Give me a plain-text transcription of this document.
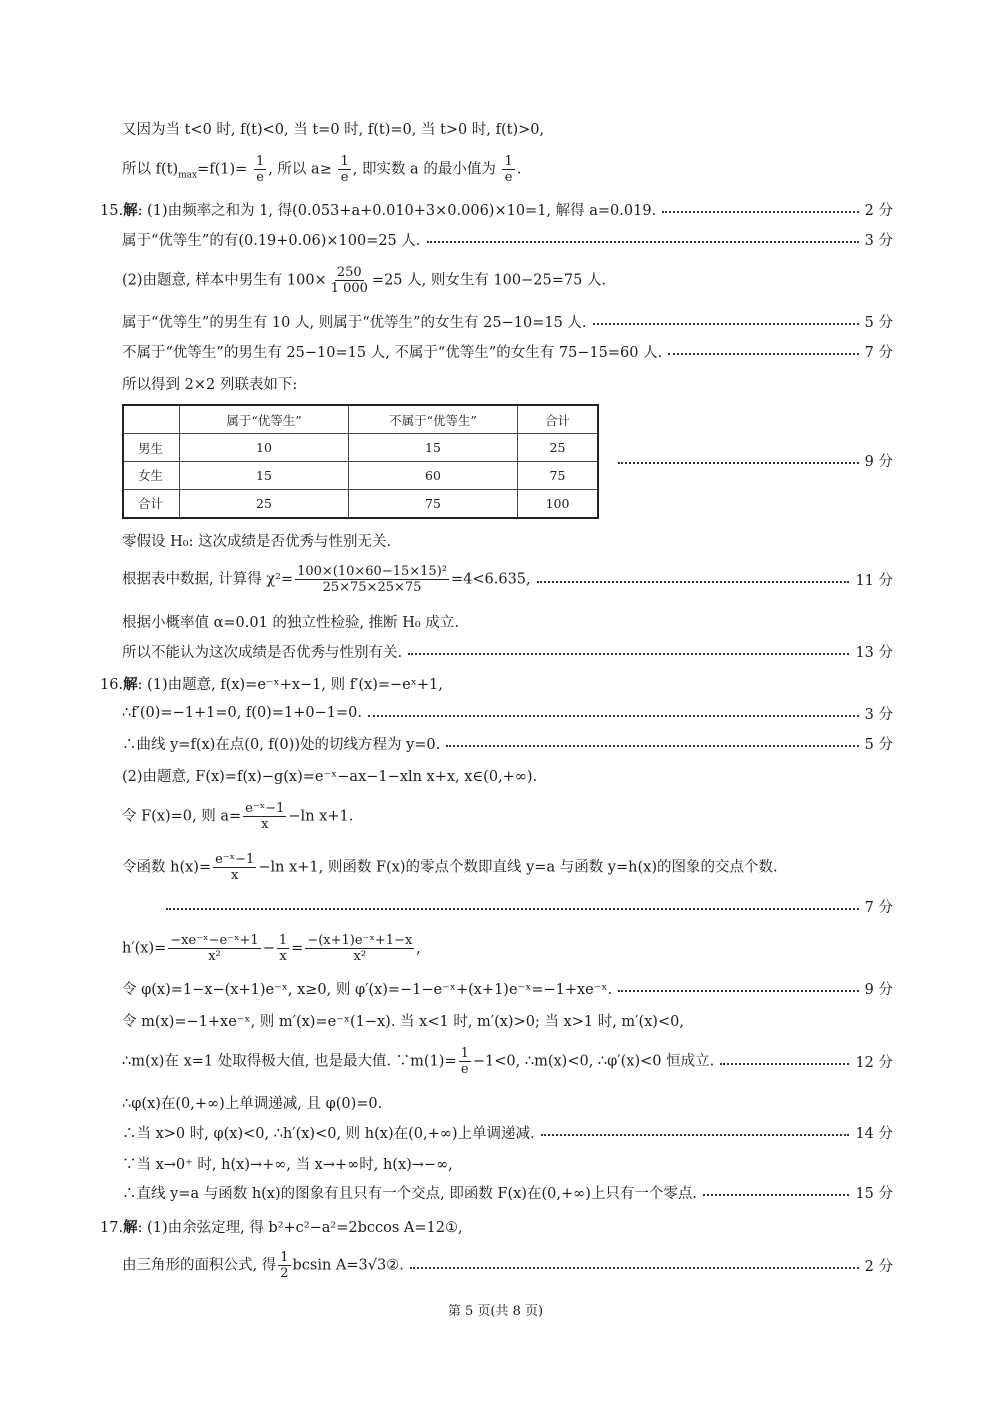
又因为当 t<0 时, f(t)<0, 当 t=0 时, f(t)=0, 当 t>0 时, f(t)>0,
所以 $f(t)_{max}=f(1)= \frac{1}{e}$ , 所以 $a\ge \frac{1}{e}$ , 即实数 a 的最小值为 $\frac{1}{e}$ .
15.解: (1)由频率之和为 1, 得(0.053+a+0.010+3×0.006)×10=1, 解得 a=0.019.	2 分
属于“优等生”的有(0.19+0.06)×100=25 人.	3 分
(2)由题意, 样本中男生有 $100\times \frac{250}{1 000} =25$ 人, 则女生有 100−25=75 人.
属于“优等生”的男生有 10 人, 则属于“优等生”的女生有 25−10=15 人.	5 分
不属于“优等生”的男生有 25−10=15 人, 不属于“优等生”的女生有 75−15=60 人.	7 分
所以得到 2×2 列联表如下:
	属于“优等生”	不属于“优等生”	合计
男生	10	15	25
女生	15	60	75
合计	25	75	100
9 分
零假设 H₀: 这次成绩是否优秀与性别无关.
根据表中数据, 计算得 $\chi^2= \frac{\text{100×(10×60−15×15)²}}{25\times 75\times 25\times 75} =4<6.635$,	11 分
根据小概率值 α=0.01 的独立性检验, 推断 H₀ 成立.
所以不能认为这次成绩是否优秀与性别有关.	13 分
16.解: (1)由题意, f(x)=e⁻ˣ+x−1, 则 f′(x)=−eˣ+1,
∴f′(0)=−1+1=0, f(0)=1+0−1=0.	3 分
∴曲线 y=f(x)在点(0, f(0))处的切线方程为 y=0.	5 分
(2)由题意, F(x)=f(x)−g(x)=e⁻ˣ−ax−1−xln x+x, x∈(0,+∞).
令 F(x)=0, 则 $a= \frac{\text{e⁻ˣ−1}}{x} -\ln$ x+1.
令函数 $h(x)= \frac{\text{e⁻ˣ−1}}{x} -\ln$ x+1, 则函数 F(x)的零点个数即直线 y=a 与函数 y=h(x)的图象的交点个数.
7 分
$h'(x)= \frac{\text{−xe⁻ˣ−e⁻ˣ+1}}{\text{x²}} - \frac{1}{x} = \frac{\text{−(x+1)e⁻ˣ+1−x}}{\text{x²}}$ ,
令 φ(x)=1−x−(x+1)e⁻ˣ, x≥0, 则 φ′(x)=−1−e⁻ˣ+(x+1)e⁻ˣ=−1+xe⁻ˣ.	9 分
令 m(x)=−1+xe⁻ˣ, 则 m′(x)=e⁻ˣ(1−x). 当 x<1 时, m′(x)>0; 当 x>1 时, m′(x)<0,
∴m(x)在 x=1 处取得极大值, 也是最大值. ∵m(1)= $\frac{1}{e} -1<0$, ∴m(x)<0, ∴φ′(x)<0 恒成立.	12 分
∴φ(x)在(0,+∞)上单调递减, 且 φ(0)=0.
∴当 x>0 时, φ(x)<0, ∴h′(x)<0, 则 h(x)在(0,+∞)上单调递减.	14 分
∵当 x→0⁺ 时, h(x)→+∞, 当 x→+∞时, h(x)→−∞,
∴直线 y=a 与函数 h(x)的图象有且只有一个交点, 即函数 F(x)在(0,+∞)上只有一个零点.	15 分
17.解: (1)由余弦定理, 得 b²+c²−a²=2bccos A=12①,
由三角形的面积公式, 得 $\frac{1}{2}$ bcsin A=3√3②.	2 分
第 5 页(共 8 页)
